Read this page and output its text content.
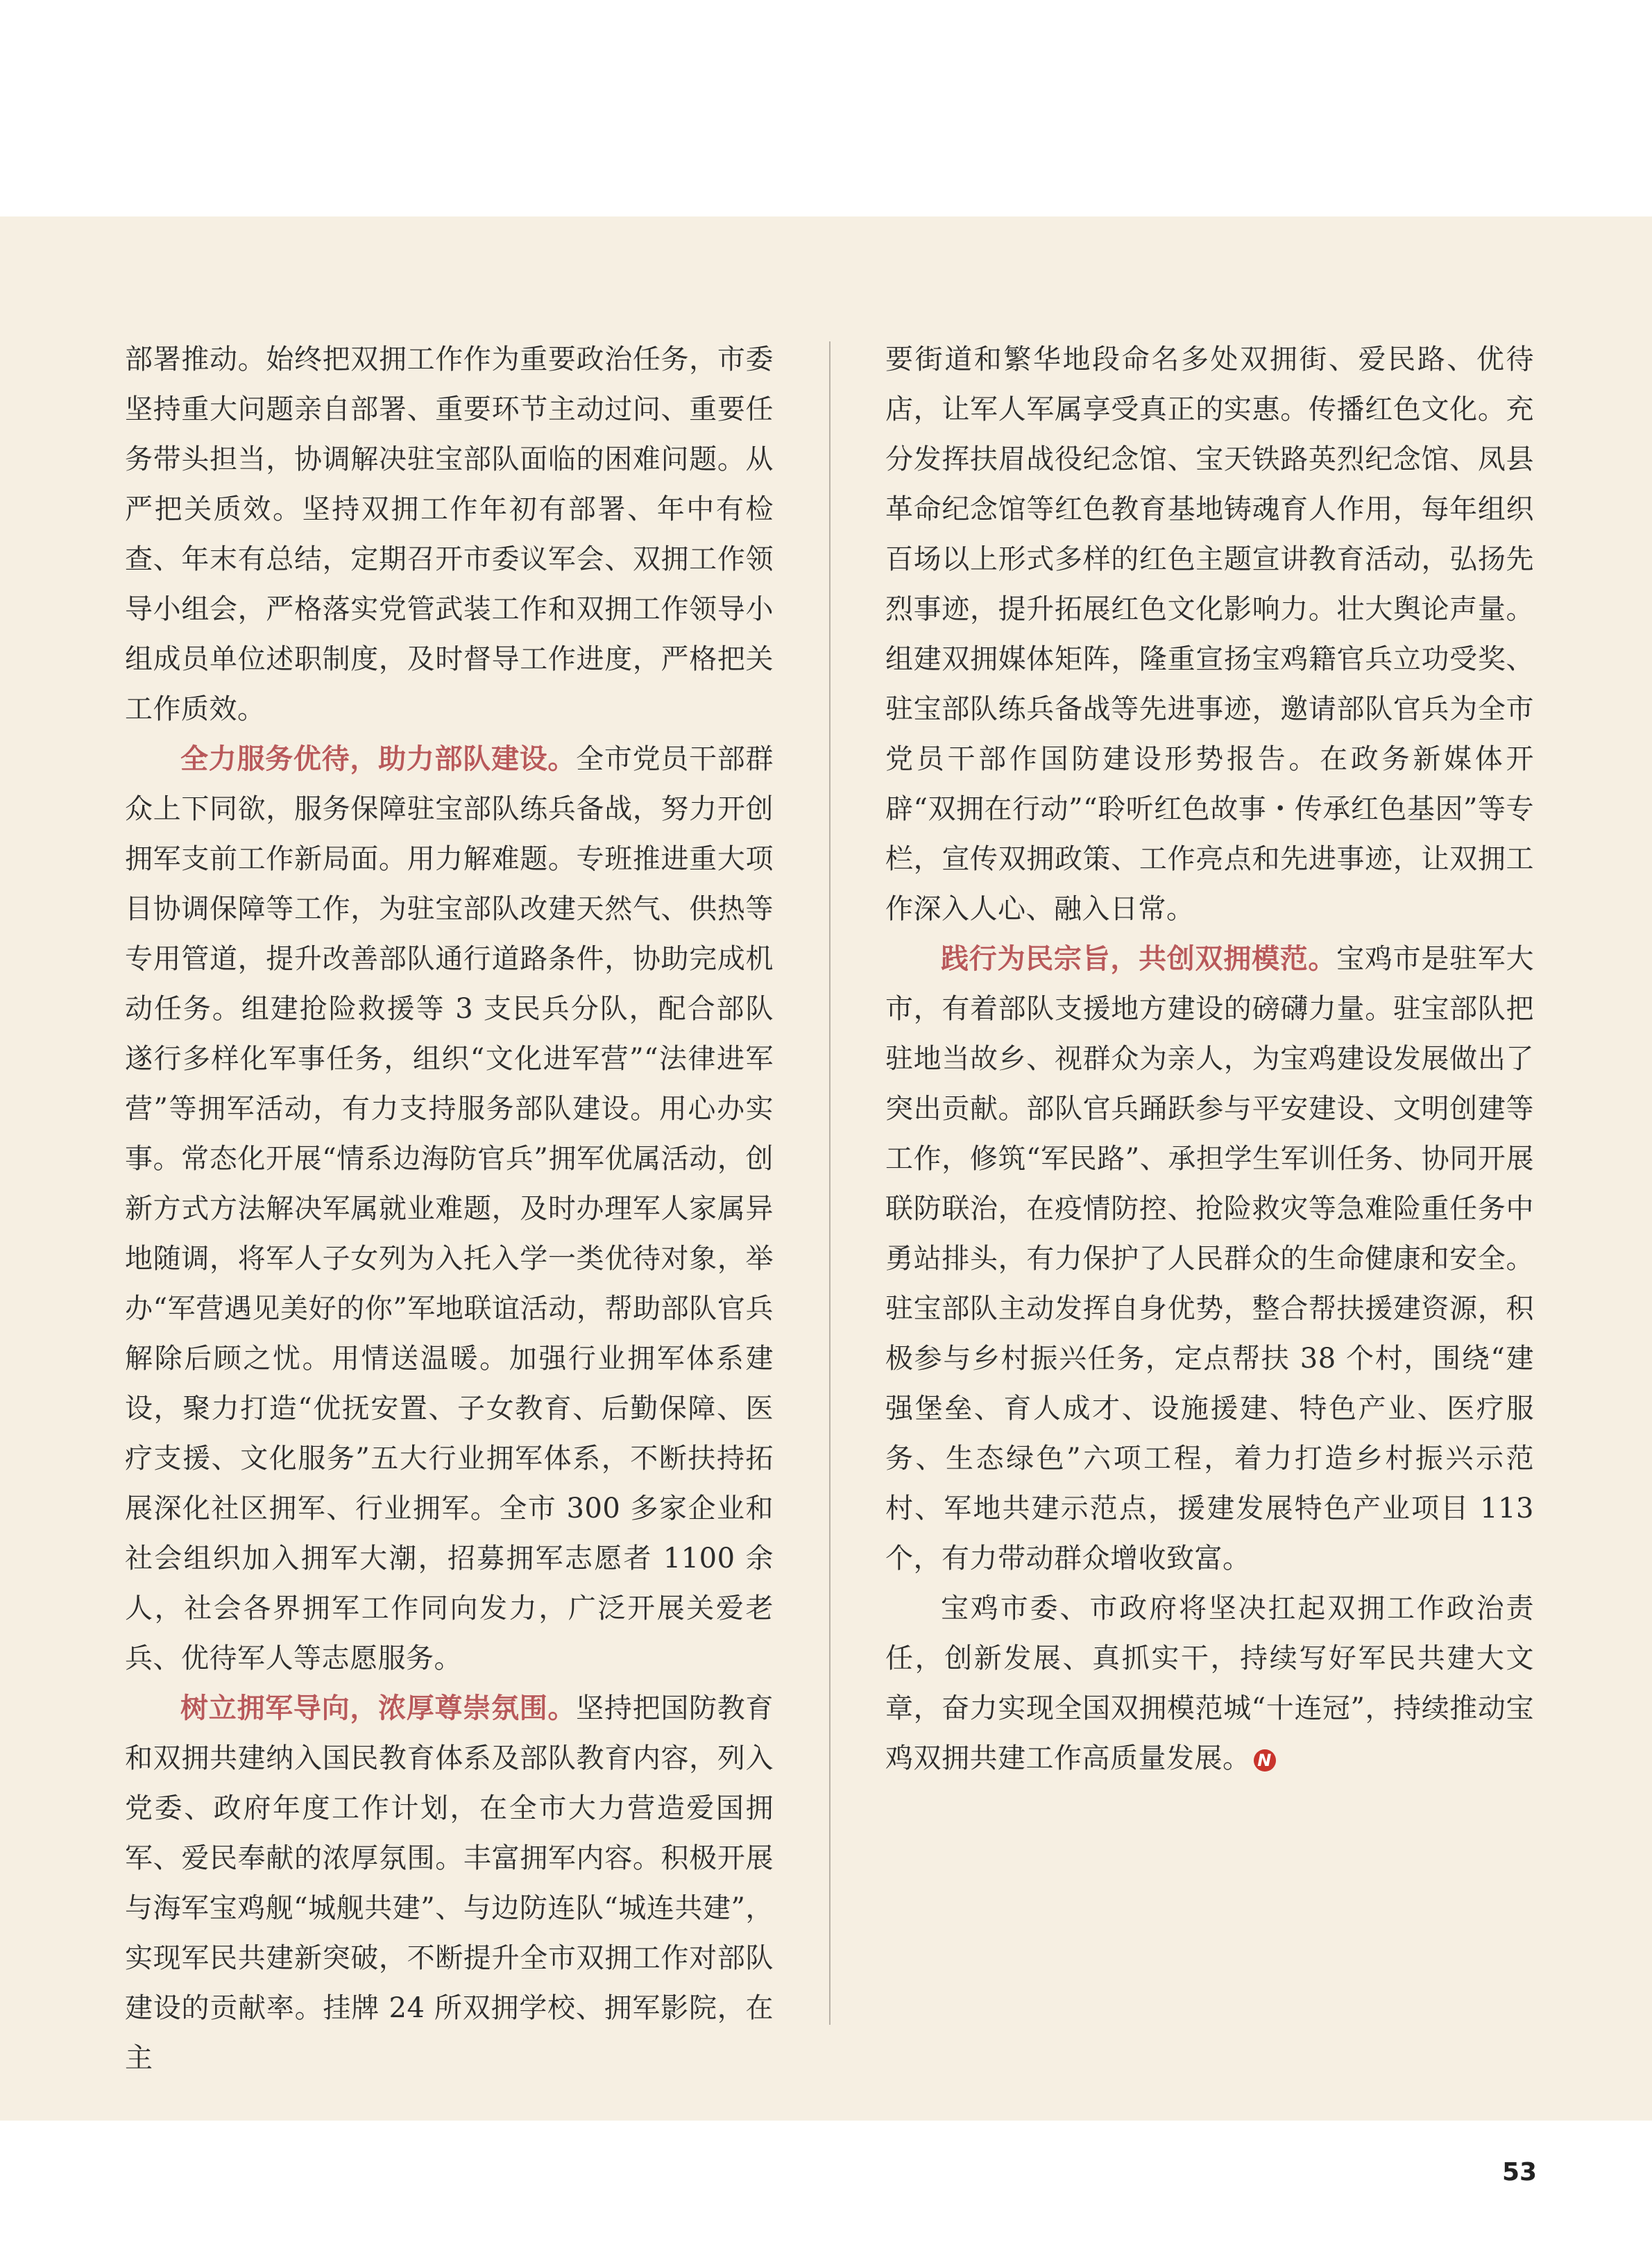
部署推动。始终把双拥工作作为重要政治任务，市委坚持重大问题亲自部署、重要环节主动过问、重要任务带头担当，协调解决驻宝部队面临的困难问题。从严把关质效。坚持双拥工作年初有部署、年中有检查、年末有总结，定期召开市委议军会、双拥工作领导小组会，严格落实党管武装工作和双拥工作领导小组成员单位述职制度，及时督导工作进度，严格把关工作质效。

全力服务优待，助力部队建设。全市党员干部群众上下同欲，服务保障驻宝部队练兵备战，努力开创拥军支前工作新局面。用力解难题。专班推进重大项目协调保障等工作，为驻宝部队改建天然气、供热等专用管道，提升改善部队通行道路条件，协助完成机动任务。组建抢险救援等 3 支民兵分队，配合部队遂行多样化军事任务，组织“文化进军营”“法律进军营”等拥军活动，有力支持服务部队建设。用心办实事。常态化开展“情系边海防官兵”拥军优属活动，创新方式方法解决军属就业难题，及时办理军人家属异地随调，将军人子女列为入托入学一类优待对象，举办“军营遇见美好的你”军地联谊活动，帮助部队官兵解除后顾之忧。用情送温暖。加强行业拥军体系建设，聚力打造“优抚安置、子女教育、后勤保障、医疗支援、文化服务”五大行业拥军体系，不断扶持拓展深化社区拥军、行业拥军。全市 300 多家企业和社会组织加入拥军大潮，招募拥军志愿者 1100 余人，社会各界拥军工作同向发力，广泛开展关爱老兵、优待军人等志愿服务。

树立拥军导向，浓厚尊崇氛围。坚持把国防教育和双拥共建纳入国民教育体系及部队教育内容，列入党委、政府年度工作计划，在全市大力营造爱国拥军、爱民奉献的浓厚氛围。丰富拥军内容。积极开展与海军宝鸡舰“城舰共建”、与边防连队“城连共建”，实现军民共建新突破，不断提升全市双拥工作对部队建设的贡献率。挂牌 24 所双拥学校、拥军影院，在主

要街道和繁华地段命名多处双拥街、爱民路、优待店，让军人军属享受真正的实惠。传播红色文化。充分发挥扶眉战役纪念馆、宝天铁路英烈纪念馆、凤县革命纪念馆等红色教育基地铸魂育人作用，每年组织百场以上形式多样的红色主题宣讲教育活动，弘扬先烈事迹，提升拓展红色文化影响力。壮大舆论声量。组建双拥媒体矩阵，隆重宣扬宝鸡籍官兵立功受奖、驻宝部队练兵备战等先进事迹，邀请部队官兵为全市党员干部作国防建设形势报告。在政务新媒体开辟“双拥在行动”“聆听红色故事・传承红色基因”等专栏，宣传双拥政策、工作亮点和先进事迹，让双拥工作深入人心、融入日常。

践行为民宗旨，共创双拥模范。宝鸡市是驻军大市，有着部队支援地方建设的磅礴力量。驻宝部队把驻地当故乡、视群众为亲人，为宝鸡建设发展做出了突出贡献。部队官兵踊跃参与平安建设、文明创建等工作，修筑“军民路”、承担学生军训任务、协同开展联防联治，在疫情防控、抢险救灾等急难险重任务中勇站排头，有力保护了人民群众的生命健康和安全。驻宝部队主动发挥自身优势，整合帮扶援建资源，积极参与乡村振兴任务，定点帮扶 38 个村，围绕“建强堡垒、育人成才、设施援建、特色产业、医疗服务、生态绿色”六项工程，着力打造乡村振兴示范村、军地共建示范点，援建发展特色产业项目 113 个，有力带动群众增收致富。

宝鸡市委、市政府将坚决扛起双拥工作政治责任，创新发展、真抓实干，持续写好军民共建大文章，奋力实现全国双拥模范城“十连冠”，持续推动宝鸡双拥共建工作高质量发展。 N

53
